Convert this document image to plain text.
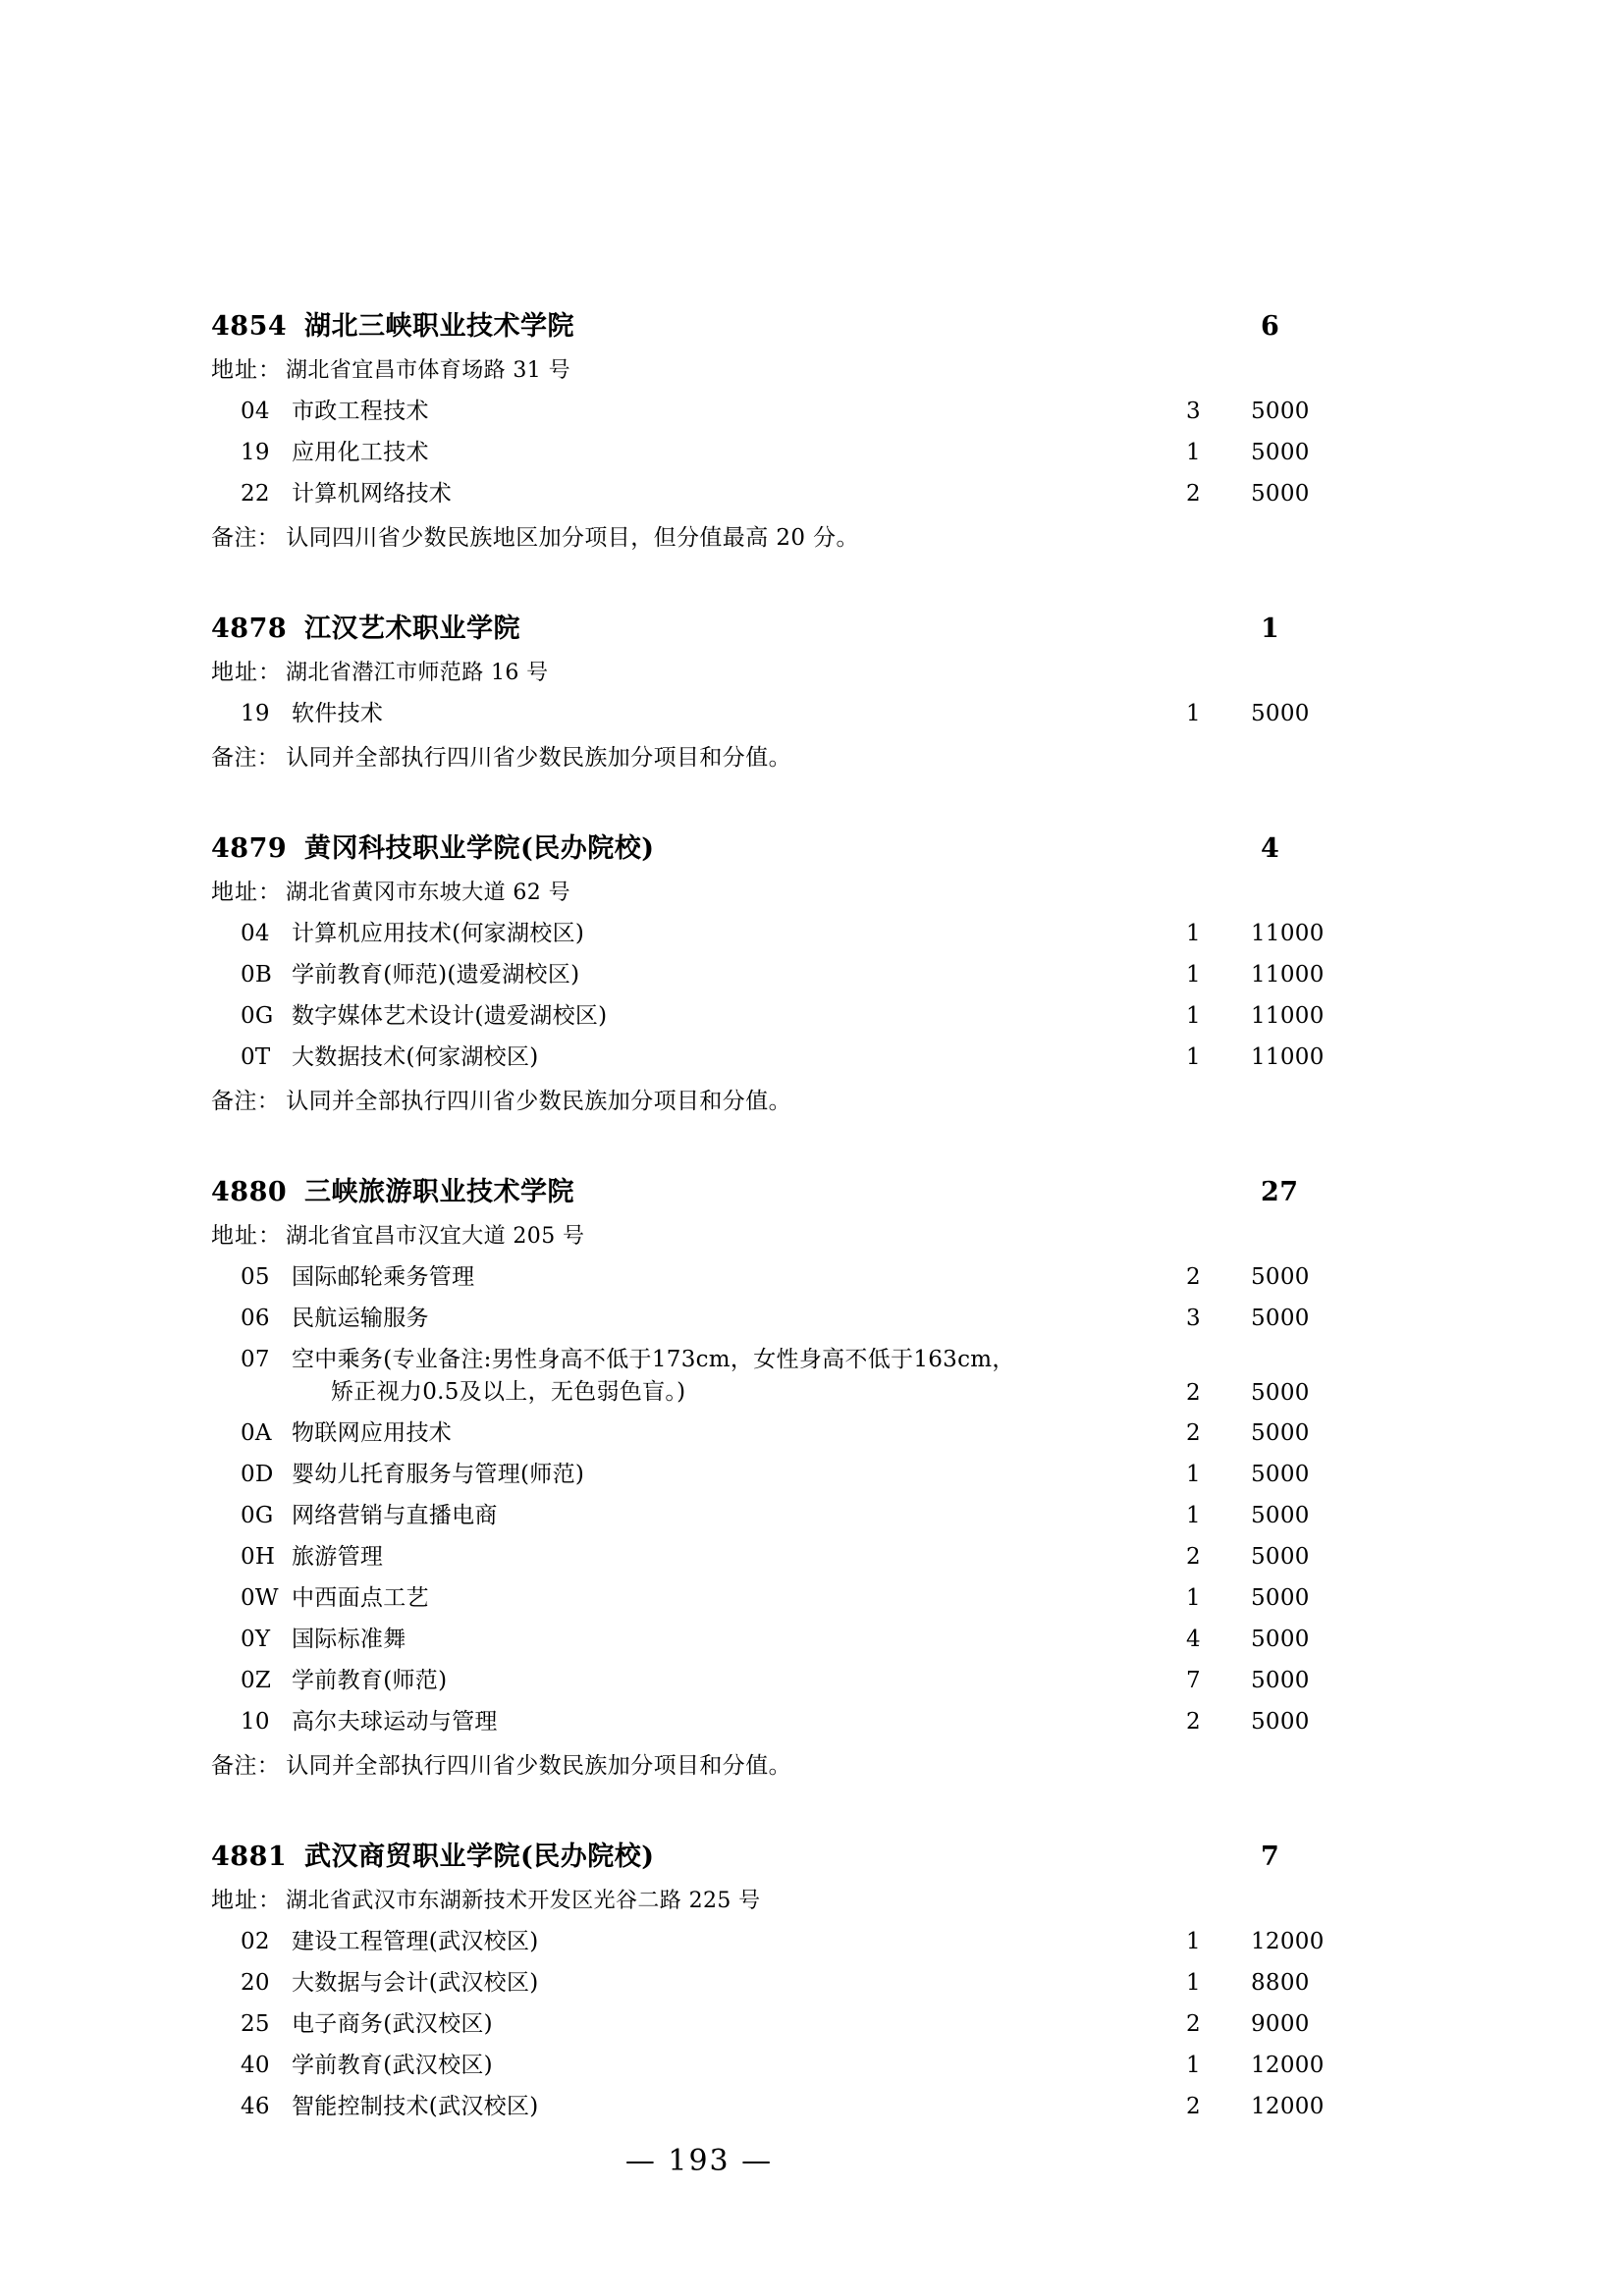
4854 湖北三峡职业技术学院	6
地址： 湖北省宜昌市体育场路 31 号
04 市政工程技术	3	5000
19 应用化工技术	1	5000
22 计算机网络技术	2	5000
备注： 认同四川省少数民族地区加分项目，但分值最高 20 分。
4878 江汉艺术职业学院	1
地址： 湖北省潜江市师范路 16 号
19 软件技术	1	5000
备注： 认同并全部执行四川省少数民族加分项目和分值。
4879 黄冈科技职业学院(民办院校)	4
地址： 湖北省黄冈市东坡大道 62 号
04 计算机应用技术(何家湖校区)	1	11000
0B 学前教育(师范)(遗爱湖校区)	1	11000
0G 数字媒体艺术设计(遗爱湖校区)	1	11000
0T 大数据技术(何家湖校区)	1	11000
备注： 认同并全部执行四川省少数民族加分项目和分值。
4880 三峡旅游职业技术学院	27
地址： 湖北省宜昌市汉宜大道 205 号
05 国际邮轮乘务管理	2	5000
06 民航运输服务	3	5000
07 空中乘务(专业备注:男性身高不低于173cm，女性身高不低于163cm，
矫正视力0.5及以上，无色弱色盲。)	2	5000
0A 物联网应用技术	2	5000
0D 婴幼儿托育服务与管理(师范)	1	5000
0G 网络营销与直播电商	1	5000
0H 旅游管理	2	5000
0W 中西面点工艺	1	5000
0Y 国际标准舞	4	5000
0Z 学前教育(师范)	7	5000
10 高尔夫球运动与管理	2	5000
备注： 认同并全部执行四川省少数民族加分项目和分值。
4881 武汉商贸职业学院(民办院校)	7
地址： 湖北省武汉市东湖新技术开发区光谷二路 225 号
02 建设工程管理(武汉校区)	1	12000
20 大数据与会计(武汉校区)	1	8800
25 电子商务(武汉校区)	2	9000
40 学前教育(武汉校区)	1	12000
46 智能控制技术(武汉校区)	2	12000
— 193 —
